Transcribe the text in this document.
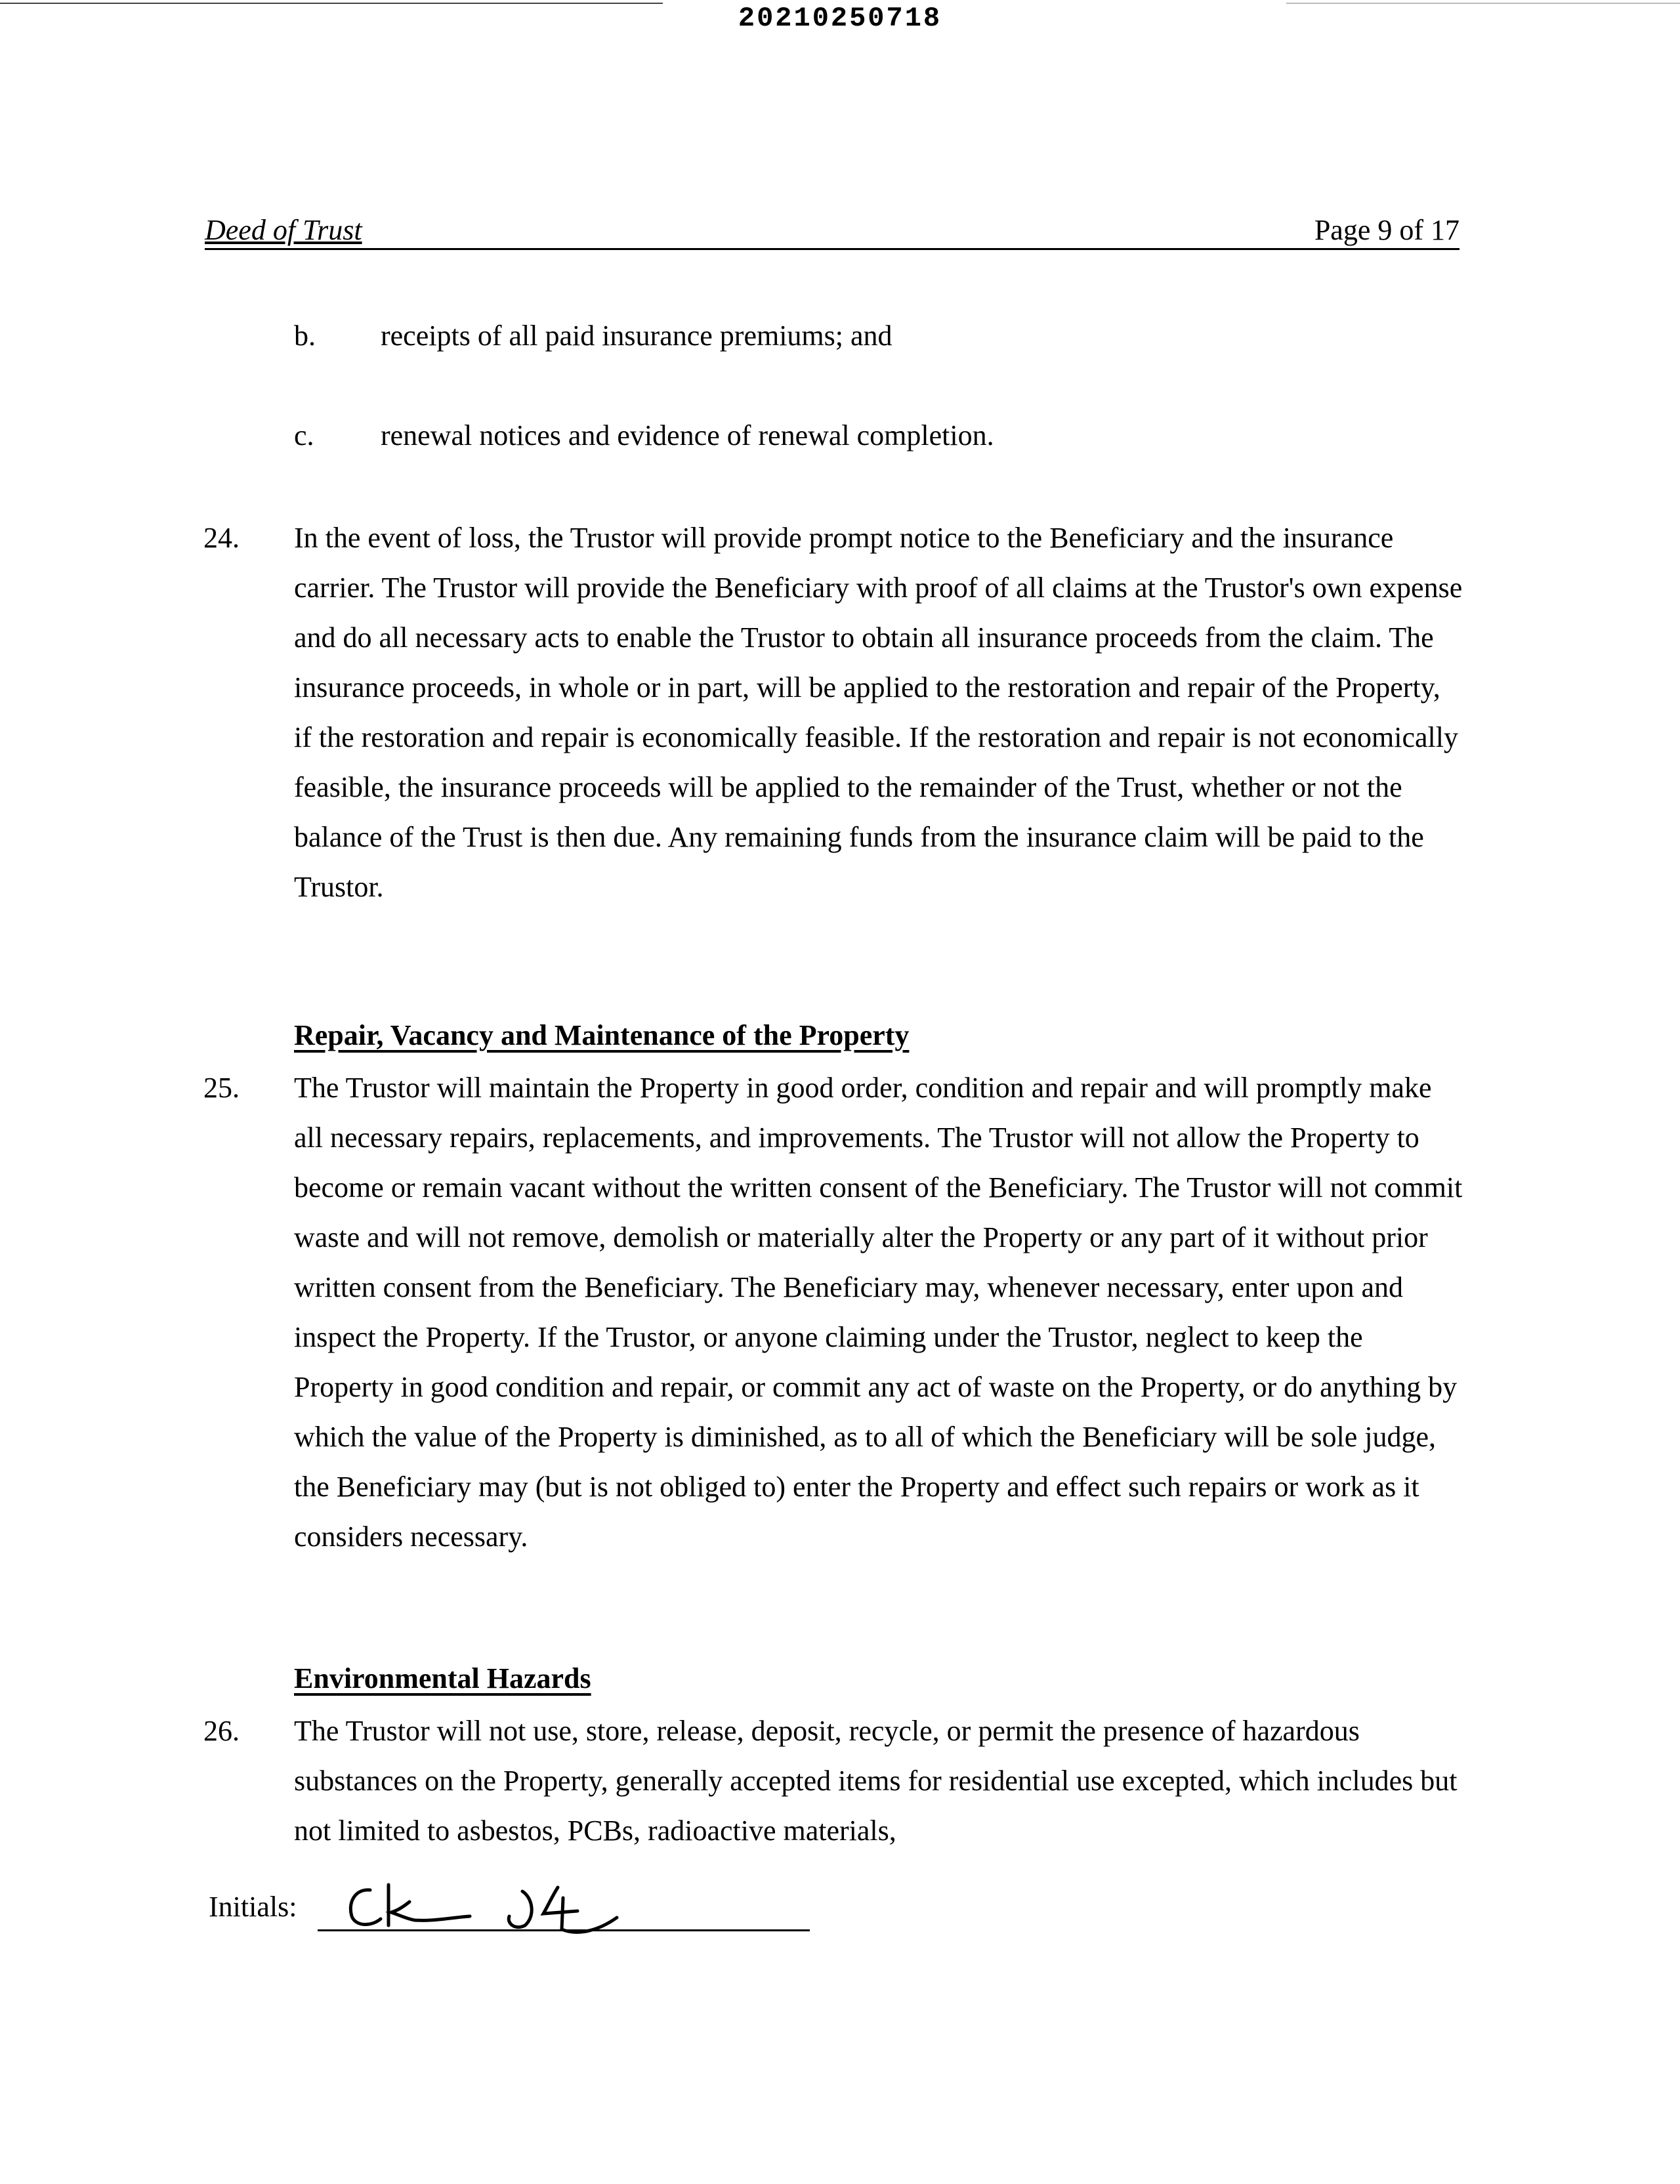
20210250718
Deed of Trust	Page 9 of 17
b. receipts of all paid insurance premiums; and
c. renewal notices and evidence of renewal completion.
24. In the event of loss, the Trustor will provide prompt notice to the Beneficiary and the insurance carrier. The Trustor will provide the Beneficiary with proof of all claims at the Trustor's own expense and do all necessary acts to enable the Trustor to obtain all insurance proceeds from the claim. The insurance proceeds, in whole or in part, will be applied to the restoration and repair of the Property, if the restoration and repair is economically feasible. If the restoration and repair is not economically feasible, the insurance proceeds will be applied to the remainder of the Trust, whether or not the balance of the Trust is then due. Any remaining funds from the insurance claim will be paid to the Trustor.
Repair, Vacancy and Maintenance of the Property
25. The Trustor will maintain the Property in good order, condition and repair and will promptly make all necessary repairs, replacements, and improvements. The Trustor will not allow the Property to become or remain vacant without the written consent of the Beneficiary. The Trustor will not commit waste and will not remove, demolish or materially alter the Property or any part of it without prior written consent from the Beneficiary. The Beneficiary may, whenever necessary, enter upon and inspect the Property. If the Trustor, or anyone claiming under the Trustor, neglect to keep the Property in good condition and repair, or commit any act of waste on the Property, or do anything by which the value of the Property is diminished, as to all of which the Beneficiary will be sole judge, the Beneficiary may (but is not obliged to) enter the Property and effect such repairs or work as it considers necessary.
Environmental Hazards
26. The Trustor will not use, store, release, deposit, recycle, or permit the presence of hazardous substances on the Property, generally accepted items for residential use excepted, which includes but not limited to asbestos, PCBs, radioactive materials,
Initials:
